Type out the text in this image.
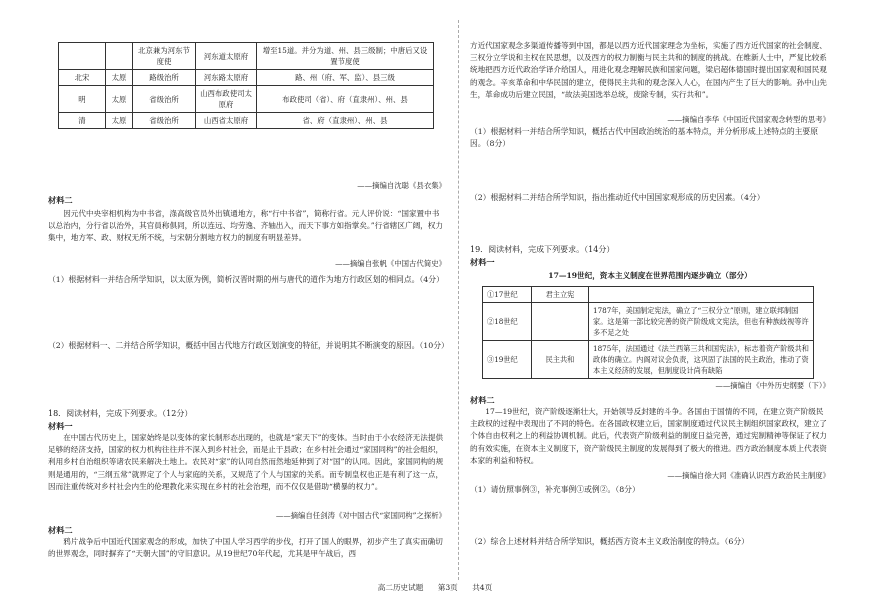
		北京兼为河东节度使	河东道太原府	增至15道。并分为道、州、县三级制；中唐后又设置节度使
北宋	太原	路级治所	河东路太原府	路、州（府、军、监）、县三级
明	太原	省级治所	山西布政使司太原府	布政使司（省）、府（直隶州）、州、县
清	太原	省级治所	山西省太原府	省、府（直隶州）、州、县

——摘编自沈聪《县衣集》

材料二

因元代中央宰相机构为中书省，涤高级官员外出镇通地方，称“行中书省”，简称行省。元人评价说：“国家置中书以总治内，分行省以治外，其官員称俱同，所以连远、均劳逸、齐轴出入，而天下事方如指掌矣。”行省辖区广阔，权力集中，地方军、政、财权无所不统，与宋朝分割地方权力的制度有明显差异。

——摘编自张帆《中国古代简史》

（1）根据材料一并结合所学知识，以太原为例，简析汉晋时期的州与唐代的道作为地方行政区划的相同点。（4分）

（2）根据材料一、二并结合所学知识，概括中国古代地方行政区划演变的特征，并说明其不断演变的原因。（10分）

18．阅读材料，完成下列要求。（12分）

材料一

在中国古代历史上，国家始终是以变体的家长制形态出现的，也就是“家天下”的变体。当时由于小农经济无法提供足够的经济支持，国家的权力机构往往并不深入到乡村社会，而是止于县政；在乡村社会通过“家国同构”的社会组织，利用乡村自治组织等诸农民来解决土地上。农民对“家”的认同自然而然地延伸到了对“国”的认同。因此，家国同构的规则是通用的，“三纲五常”就界定了个人与家庭的关系，又规范了个人与国家的关系。而专制皇权也正是有利了这一点，因而注重传统对乡村社会内生的伦理教化来实现在乡村的社会治理，而不仅仅是借助“横暴的权力”。

——摘编自任剑涛《对中国古代“家国同构”之探析》

材料二

鸦片战争后中国近代国家观念的形成，加快了中国人学习西学的步伐，打开了国人的眼界，初步产生了真实而确切的世界观念，同时摒弃了“天朝大国”的守旧意识。从19世纪70年代起，尤其是甲午战后，西

方近代国家观念多渠道传播等到中国，都是以西方近代国家理念为坐标，实施了西方近代国家的社会制度、三权分立学说和主权在民思想，以及西方的权力制衡与民主共和的制度的挑战。在维新人士中，严复比较系统地把西方近代政治学译介给国人，用进化观念理解民族和国家问题，梁启超体德国时提出国家观和国民观的观念。辛亥革命和中华民国的建立，使得民主共和的观念深入人心，在国内产生了巨大的影响。孙中山先生，革命成功后建立民国，“故法美国选举总统，废除专制，实行共和”。

——摘编自李华《中国近代国家观念转型的思考》

（1）根据材料一并结合所学知识，概括古代中国政治统治的基本特点，并分析形成上述特点的主要原因。（8分）

（2）根据材料二并结合所学知识，指出推动近代中国国家观形成的历史因素。（4分）

19．阅读材料，完成下列要求。（14分）

材料一

17—19世纪，资本主义制度在世界范围内逐步确立（部分）

①17世纪	君主立宪	
②18世纪		1787年，美国制定宪法，确立了“三权分立”原则，建立联邦制国家。这是第一部比较完善的资产阶级成文宪法，但也有种族歧视等许多不足之处
③19世纪	民主共和	1875年，法国通过《法兰西第三共和国宪法》，标志着资产阶级共和政体的确立。内阁对议会负责，这巩固了法国的民主政治，推动了资本主义经济的发展，但制度设计尚有缺陷

——摘编自《中外历史纲要（下）》

材料二

17—19世纪，资产阶级逐渐壮大，开始领导反封建的斗争。各国由于国情的不同，在建立资产阶级民主政权的过程中表现出了不同的特色。在各国政权建立后，国家制度通过代议民主制组织国家政权，建立了个体自由权利之上的利益协调机制。此后，代表资产阶级利益的制度日益完善，通过宪制精神等保证了权力的有效实施，在资本主义制度下，资产阶级民主制度的发展得到了极大的推进。西方政治制度本质上代表资本家的利益和特权。

——摘编自徐大同《准确认识西方政治民主制度》

（1）请仿照事例③，补充事例①或例②。（8分）

（2）综合上述材料并结合所学知识，概括西方资本主义政治制度的特点。（6分）

高二历史试题 第3页 共4页
